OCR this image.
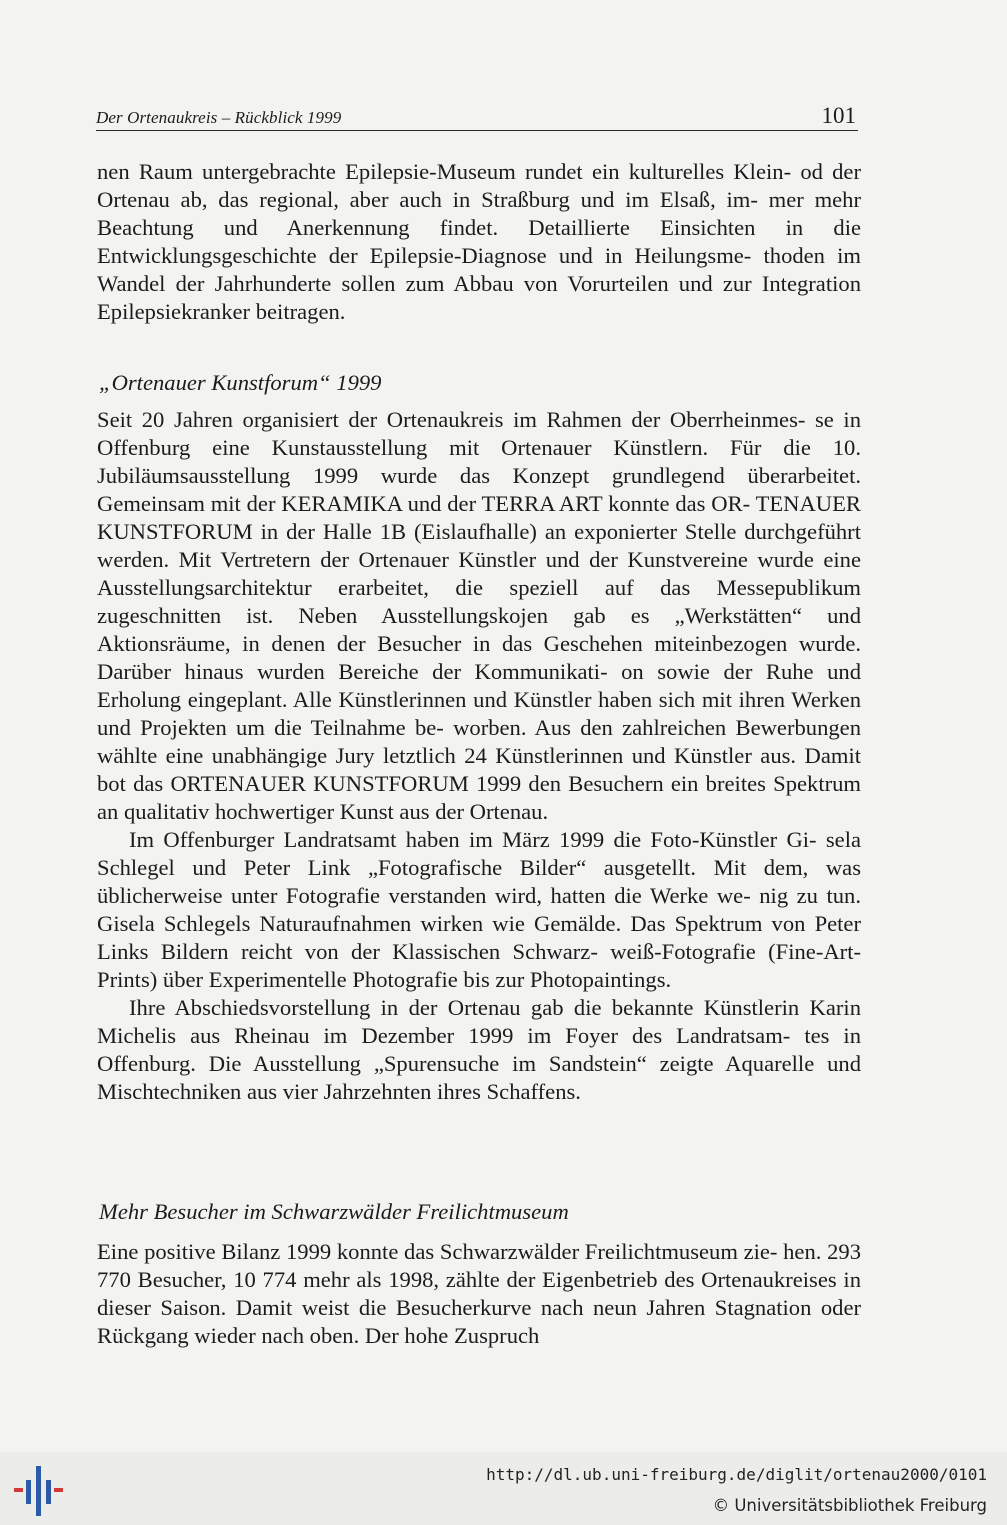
Der Ortenaukreis – Rückblick 1999	101

nen Raum untergebrachte Epilepsie-Museum rundet ein kulturelles Klein- od der Ortenau ab, das regional, aber auch in Straßburg und im Elsaß, im- mer mehr Beachtung und Anerkennung findet. Detaillierte Einsichten in die Entwicklungsgeschichte der Epilepsie-Diagnose und in Heilungsme- thoden im Wandel der Jahrhunderte sollen zum Abbau von Vorurteilen und zur Integration Epilepsiekranker beitragen.

„Ortenauer Kunstforum“ 1999

Seit 20 Jahren organisiert der Ortenaukreis im Rahmen der Oberrheinmes- se in Offenburg eine Kunstausstellung mit Ortenauer Künstlern. Für die 10. Jubiläumsausstellung 1999 wurde das Konzept grundlegend überarbeitet. Gemeinsam mit der KERAMIKA und der TERRA ART konnte das OR- TENAUER KUNSTFORUM in der Halle 1B (Eislaufhalle) an exponierter Stelle durchgeführt werden. Mit Vertretern der Ortenauer Künstler und der Kunstvereine wurde eine Ausstellungsarchitektur erarbeitet, die speziell auf das Messepublikum zugeschnitten ist. Neben Ausstellungskojen gab es „Werkstätten“ und Aktionsräume, in denen der Besucher in das Geschehen miteinbezogen wurde. Darüber hinaus wurden Bereiche der Kommunikati- on sowie der Ruhe und Erholung eingeplant. Alle Künstlerinnen und Künstler haben sich mit ihren Werken und Projekten um die Teilnahme be- worben. Aus den zahlreichen Bewerbungen wählte eine unabhängige Jury letztlich 24 Künstlerinnen und Künstler aus. Damit bot das ORTENAUER KUNSTFORUM 1999 den Besuchern ein breites Spektrum an qualitativ hochwertiger Kunst aus der Ortenau.

Im Offenburger Landratsamt haben im März 1999 die Foto-Künstler Gi- sela Schlegel und Peter Link „Fotografische Bilder“ ausgetellt. Mit dem, was üblicherweise unter Fotografie verstanden wird, hatten die Werke we- nig zu tun. Gisela Schlegels Naturaufnahmen wirken wie Gemälde. Das Spektrum von Peter Links Bildern reicht von der Klassischen Schwarz- weiß-Fotografie (Fine-Art-Prints) über Experimentelle Photografie bis zur Photopaintings.

Ihre Abschiedsvorstellung in der Ortenau gab die bekannte Künstlerin Karin Michelis aus Rheinau im Dezember 1999 im Foyer des Landratsam- tes in Offenburg. Die Ausstellung „Spurensuche im Sandstein“ zeigte Aquarelle und Mischtechniken aus vier Jahrzehnten ihres Schaffens.

Mehr Besucher im Schwarzwälder Freilichtmuseum

Eine positive Bilanz 1999 konnte das Schwarzwälder Freilichtmuseum zie- hen. 293 770 Besucher, 10 774 mehr als 1998, zählte der Eigenbetrieb des Ortenaukreises in dieser Saison. Damit weist die Besucherkurve nach neun Jahren Stagnation oder Rückgang wieder nach oben. Der hohe Zuspruch

http://dl.ub.uni-freiburg.de/diglit/ortenau2000/0101
© Universitätsbibliothek Freiburg
